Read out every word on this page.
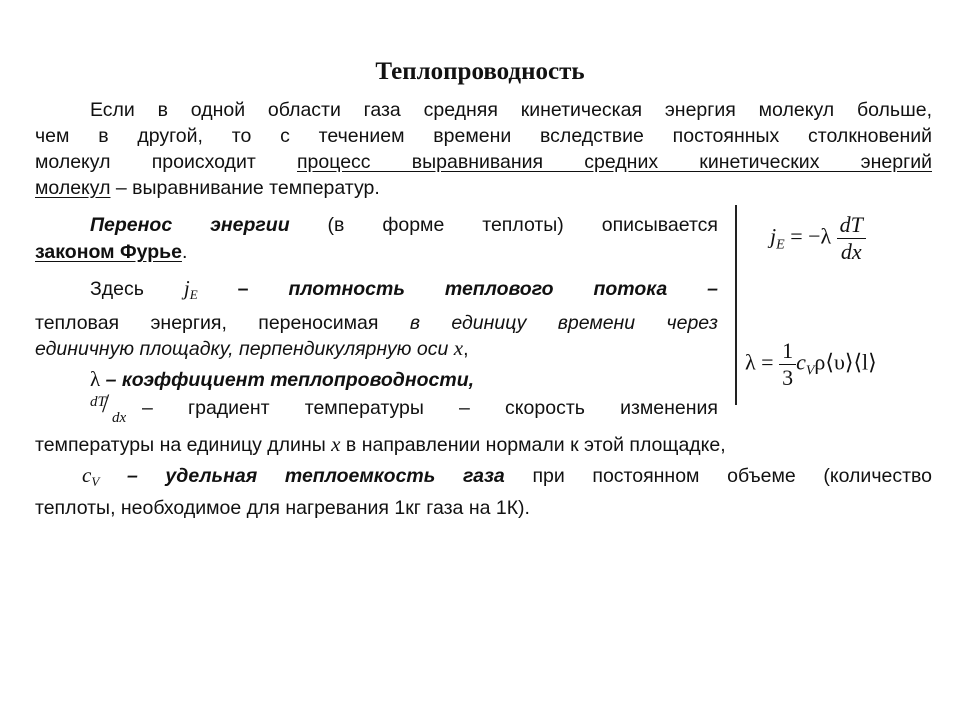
Теплопроводность
Если в одной области газа средняя кинетическая энергия молекул больше,
чем в другой, то с течением времени вследствие постоянных столкновений
молекул происходит процесс выравнивания средних кинетических энергий
молекул – выравнивание температур.
Перенос энергии (в форме теплоты) описывается
законом Фурье.
Здесь $j_E$ – плотность теплового потока –
тепловая энергия, переносимая в единицу времени через
единичную площадку, перпендикулярную оси x,
λ – коэффициент теплопроводности,
dT
/ dx – градиент температуры – скорость изменения
температуры на единицу длины x в направлении нормали к этой площадке,
$c_V$ – удельная теплоемкость газа при постоянном объеме (количество
теплоты, необходимое для нагревания 1кг газа на 1К).
$j_E = -\lambda \frac{dT}{dx}$
$\lambda = \frac{1}{3}$ $c_V\rho⟨\upsilon⟩⟨l⟩$
